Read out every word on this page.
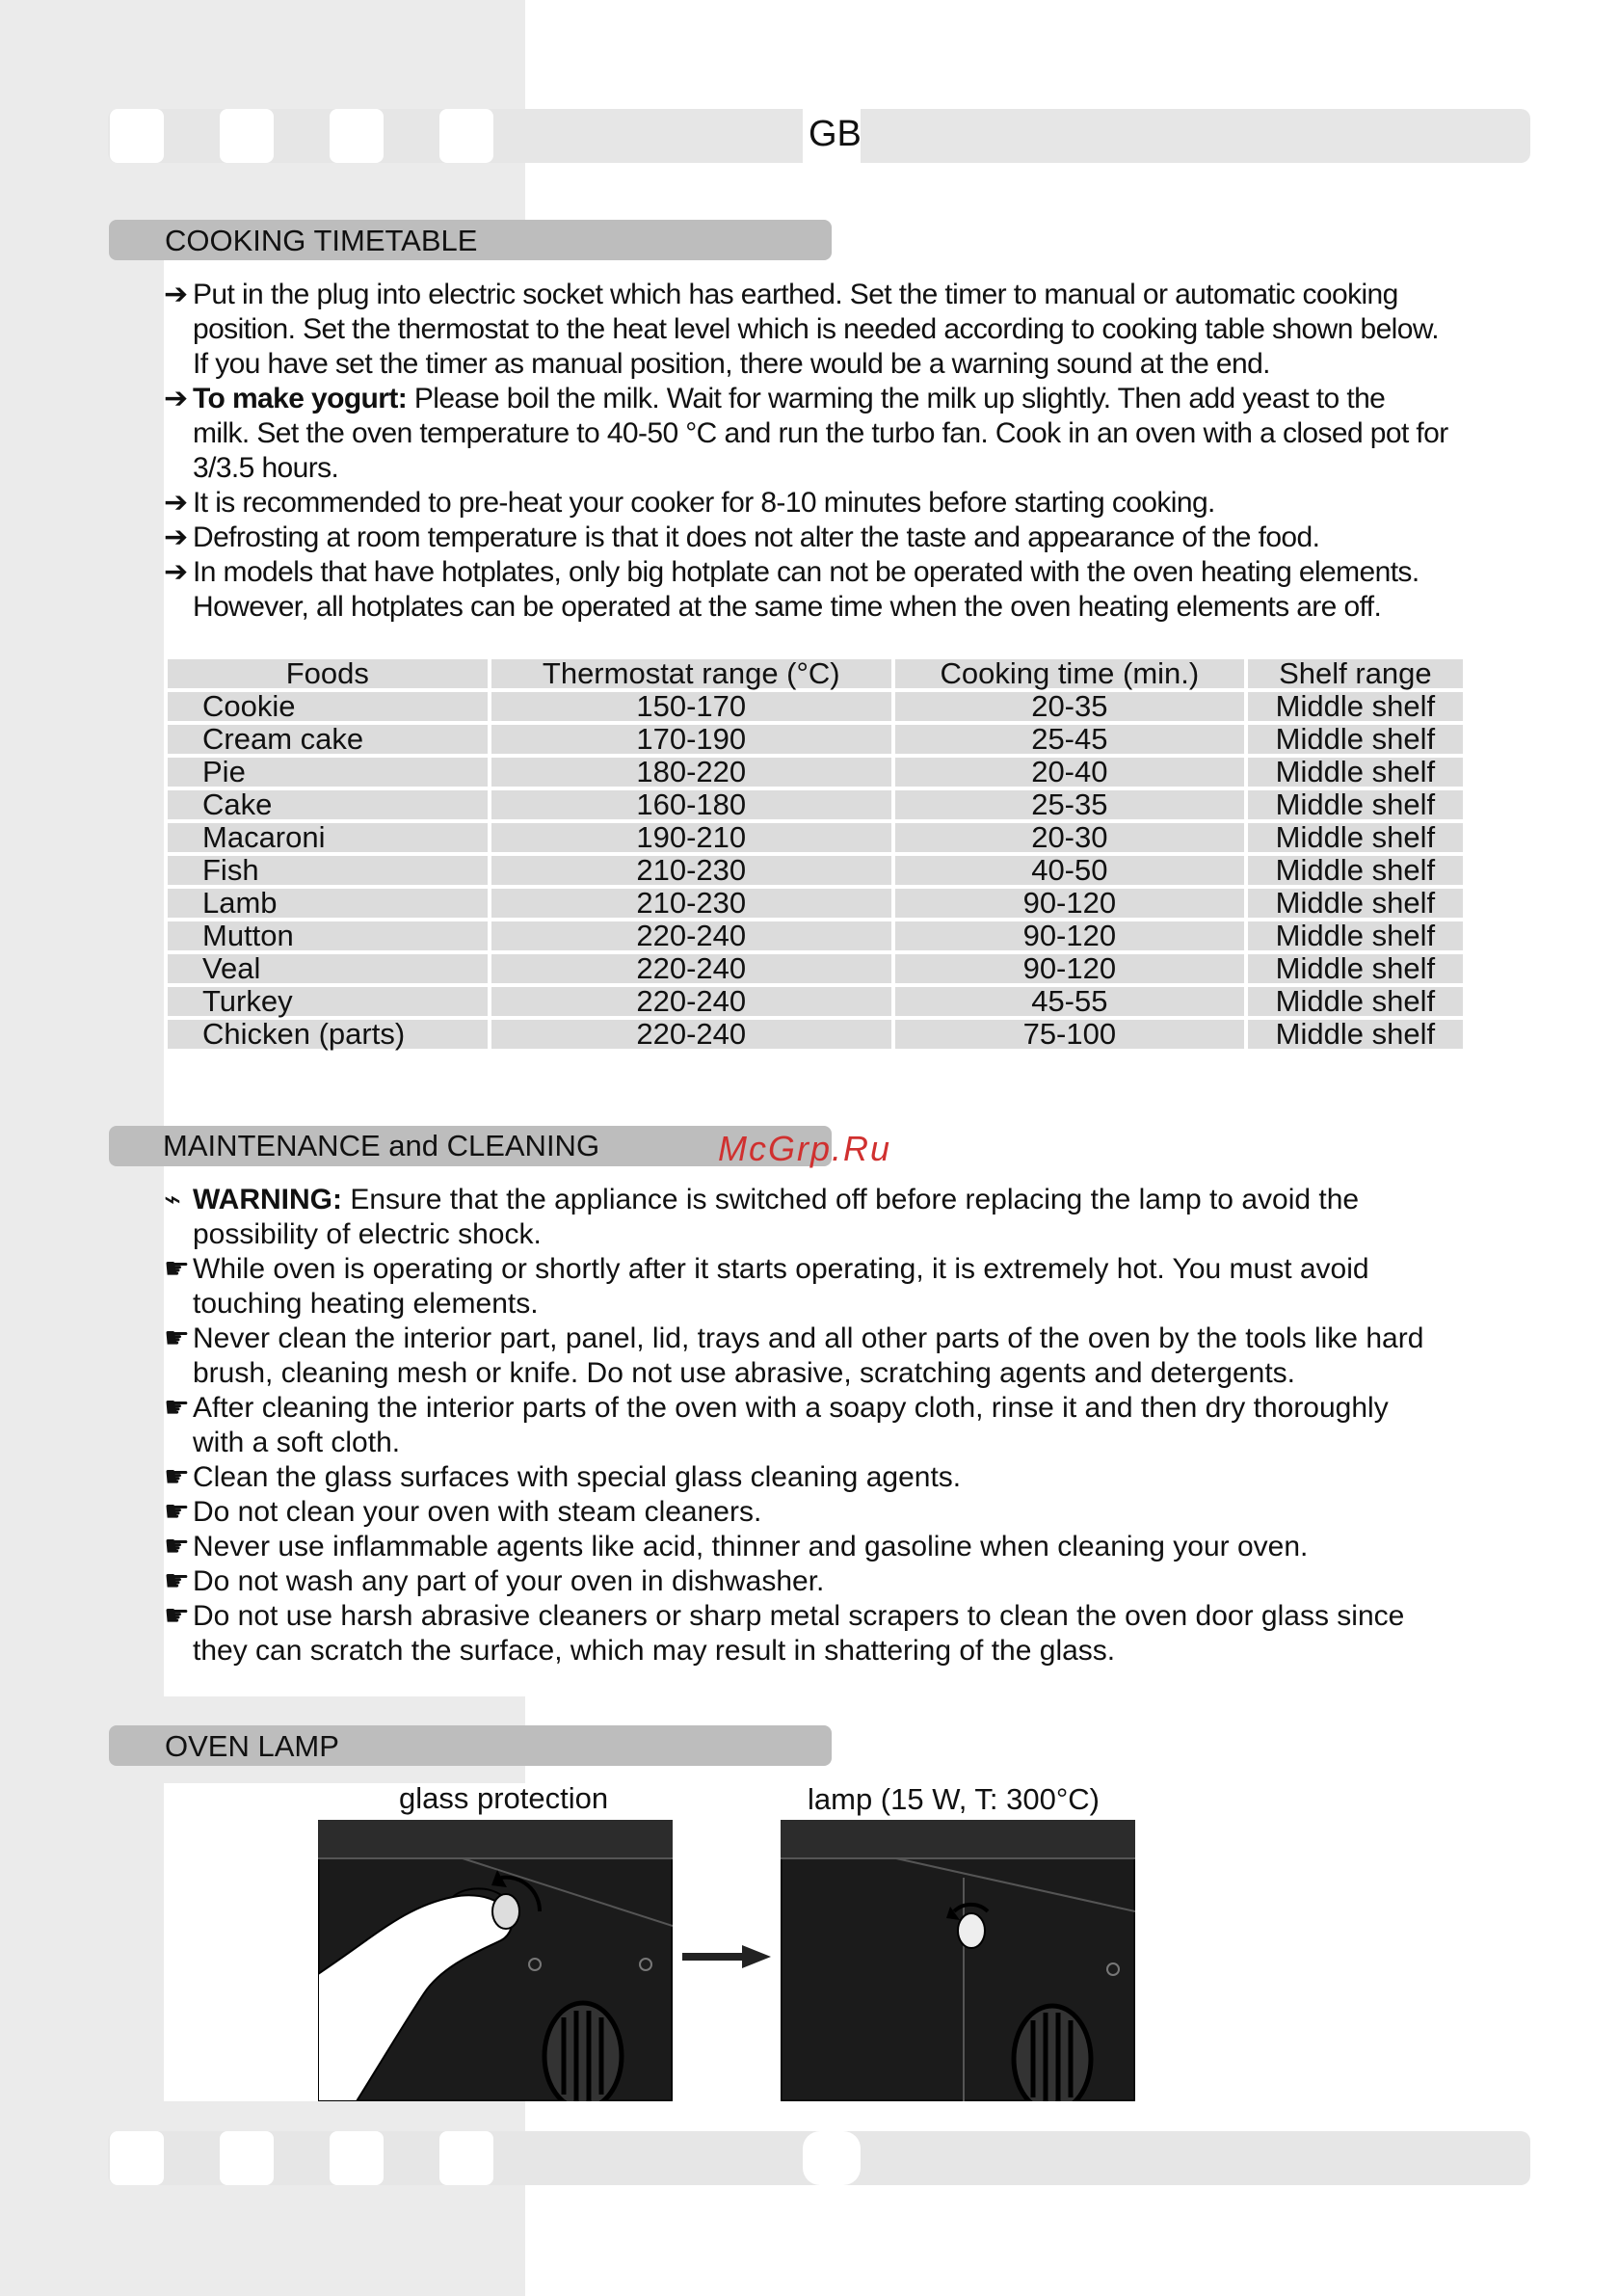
GB
COOKING TIMETABLE
➔ Put in the plug into electric socket which has earthed. Set the timer to manual or automatic cooking
position. Set the thermostat to the heat level which is needed according to cooking table shown below.
If you have set the timer as manual position, there would be a warning sound at the end.
➔ To make yogurt: Please boil the milk. Wait for warming the milk up slightly. Then add yeast to the
milk. Set the oven temperature to 40-50 °C and run the turbo fan. Cook in an oven with a closed pot for
3/3.5 hours.
➔ It is recommended to pre-heat your cooker for 8-10 minutes before starting cooking.
➔ Defrosting at room temperature is that it does not alter the taste and appearance of the food.
➔ In models that have hotplates, only big hotplate can not be operated with the oven heating elements.
However, all hotplates can be operated at the same time when the oven heating elements are off.
Foods	Thermostat range (°C)	Cooking time (min.)	Shelf range
Cookie	150-170	20-35	Middle shelf
Cream cake	170-190	25-45	Middle shelf
Pie	180-220	20-40	Middle shelf
Cake	160-180	25-35	Middle shelf
Macaroni	190-210	20-30	Middle shelf
Fish	210-230	40-50	Middle shelf
Lamb	210-230	90-120	Middle shelf
Mutton	220-240	90-120	Middle shelf
Veal	220-240	90-120	Middle shelf
Turkey	220-240	45-55	Middle shelf
Chicken (parts)	220-240	75-100	Middle shelf
MAINTENANCE and CLEANING	McGrp.Ru
⌁ WARNING: Ensure that the appliance is switched off before replacing the lamp to avoid the
possibility of electric shock.
☛ While oven is operating or shortly after it starts operating, it is extremely hot. You must avoid
touching heating elements.
☛ Never clean the interior part, panel, lid, trays and all other parts of the oven by the tools like hard
brush, cleaning mesh or knife. Do not use abrasive, scratching agents and detergents.
☛ After cleaning the interior parts of the oven with a soapy cloth, rinse it and then dry thoroughly
with a soft cloth.
☛ Clean the glass surfaces with special glass cleaning agents.
☛ Do not clean your oven with steam cleaners.
☛ Never use inflammable agents like acid, thinner and gasoline when cleaning your oven.
☛ Do not wash any part of your oven in dishwasher.
☛ Do not use harsh abrasive cleaners or sharp metal scrapers to clean the oven door glass since
they can scratch the surface, which may result in shattering of the glass.
OVEN LAMP
glass protection	lamp (15 W, T: 300°C)
